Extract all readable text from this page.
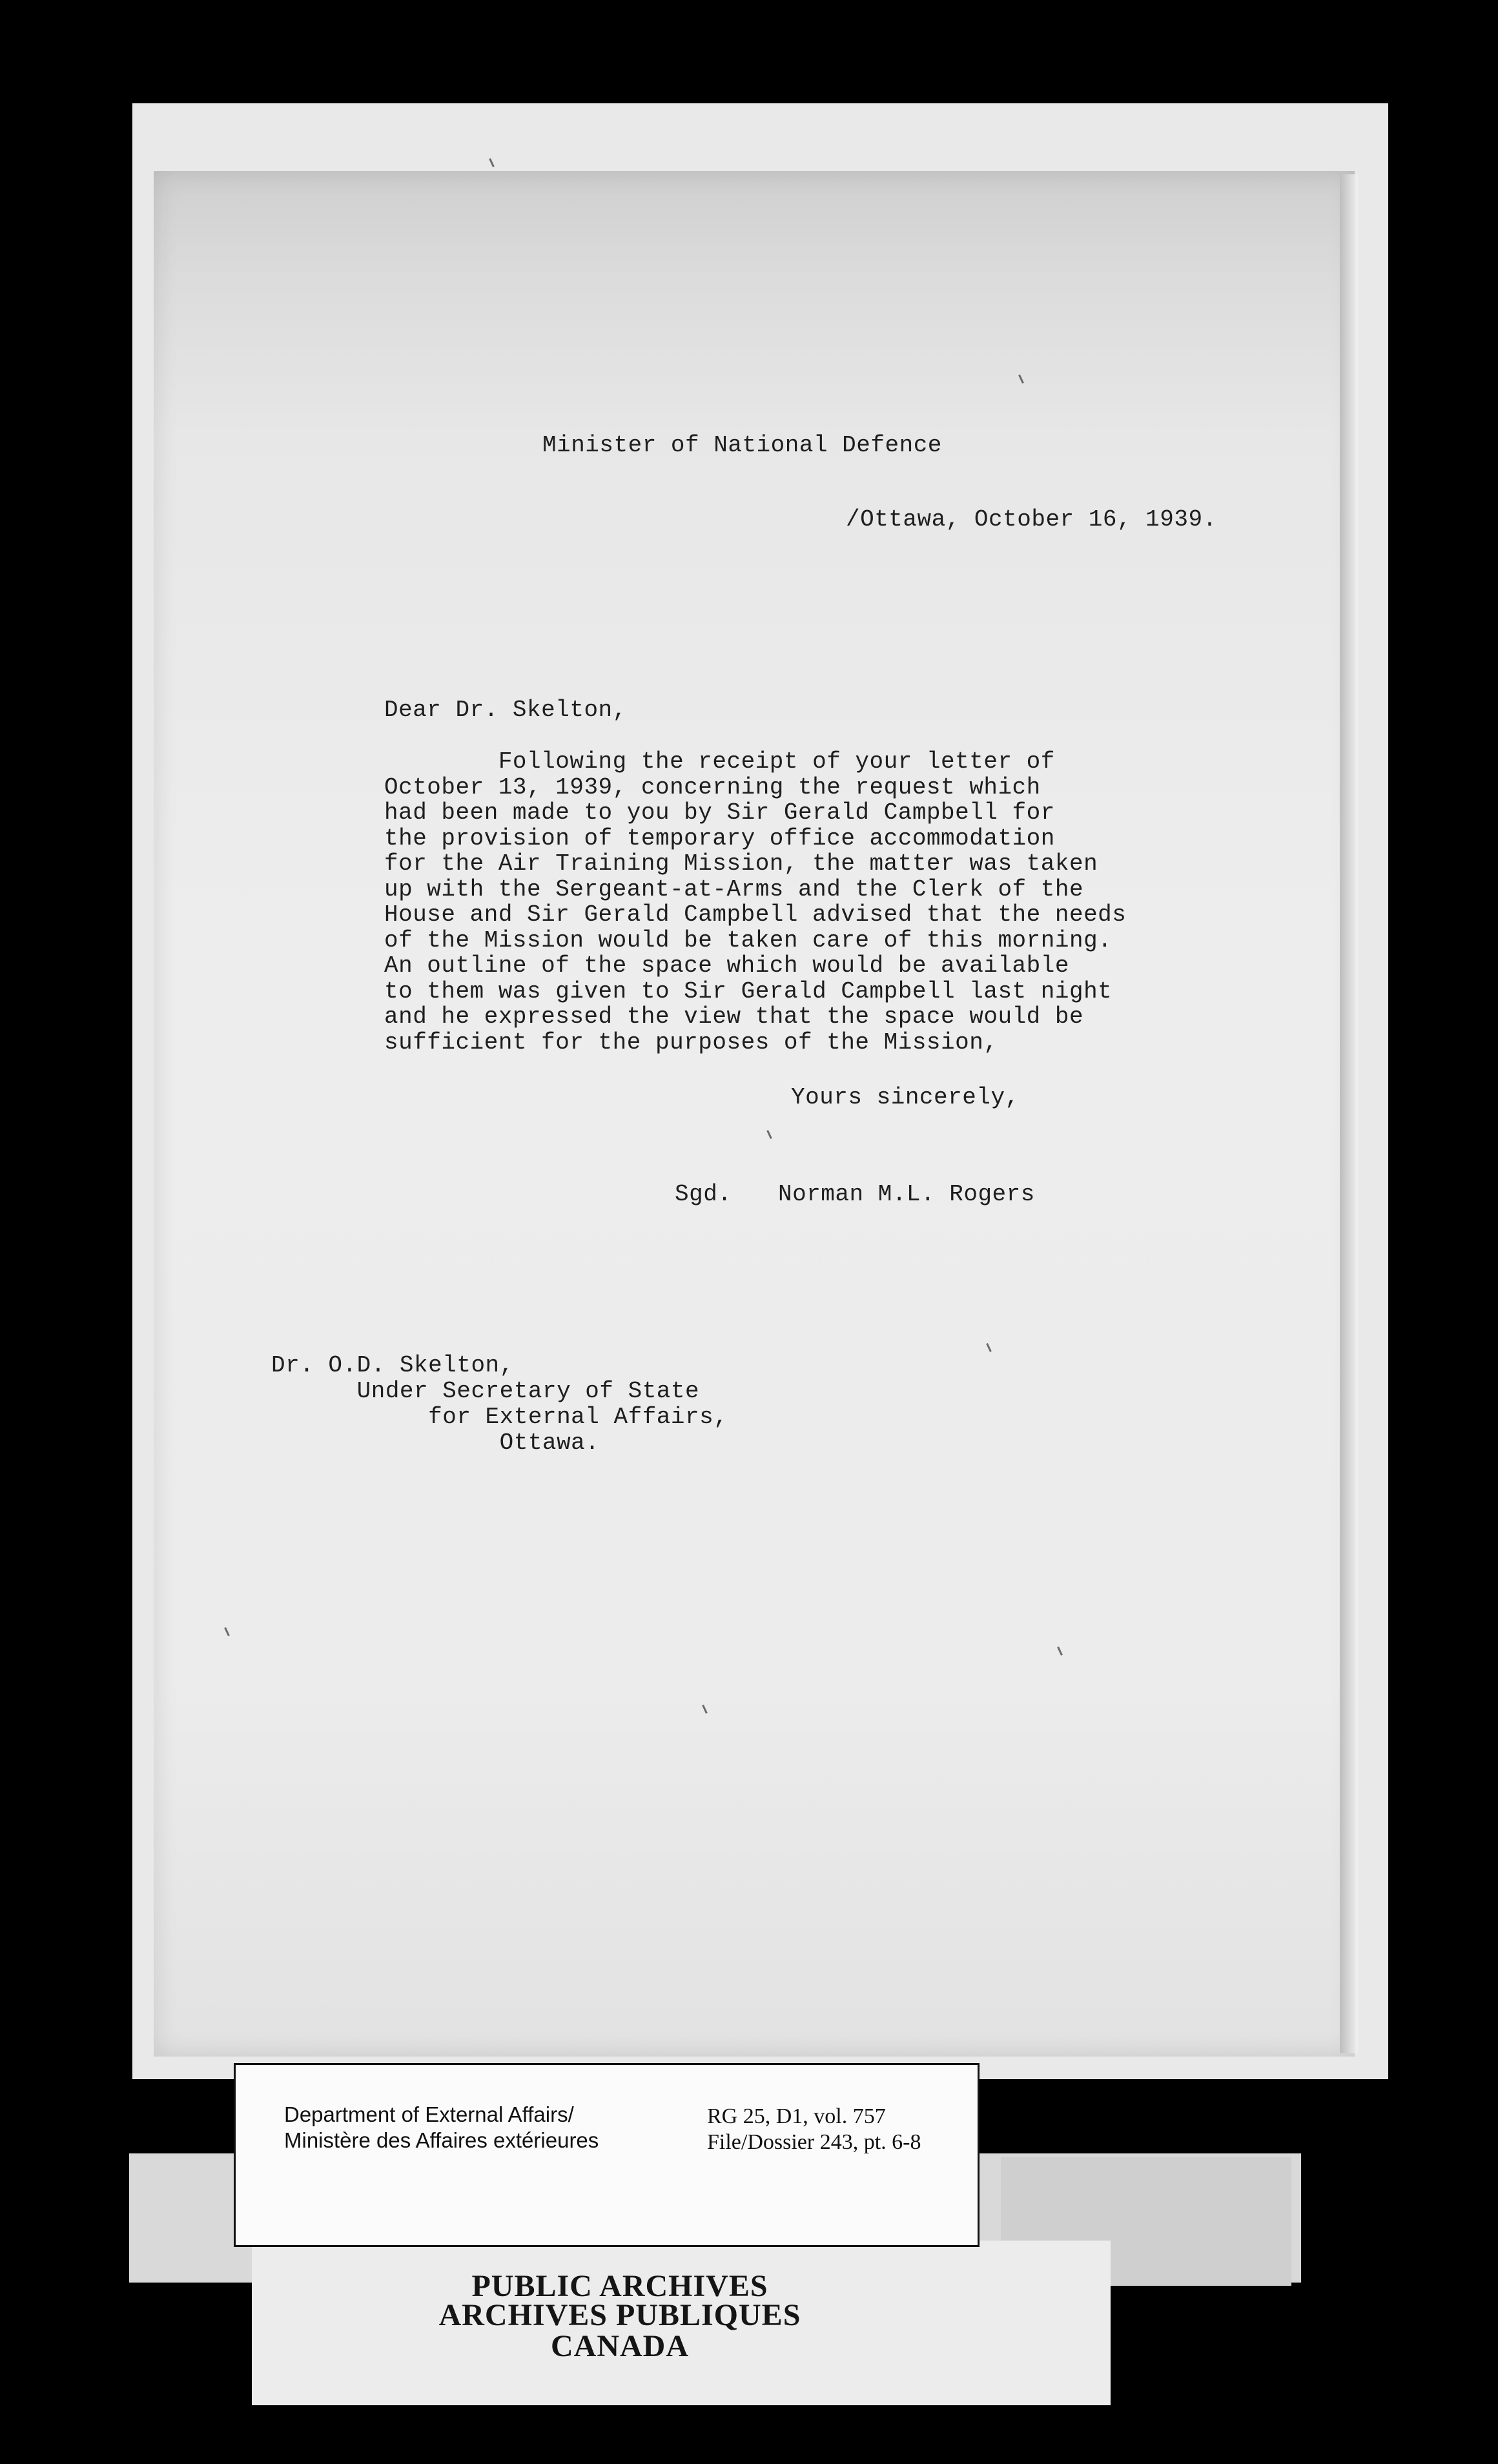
Minister of National Defence
/Ottawa, October 16, 1939.
Dear Dr. Skelton,
Following the receipt of your letter of
October 13, 1939, concerning the request which
had been made to you by Sir Gerald Campbell for
the provision of temporary office accommodation
for the Air Training Mission, the matter was taken
up with the Sergeant-at-Arms and the Clerk of the
House and Sir Gerald Campbell advised that the needs
of the Mission would be taken care of this morning.
An outline of the space which would be available
to them was given to Sir Gerald Campbell last night
and he expressed the view that the space would be
sufficient for the purposes of the Mission,
Yours sincerely,
Sgd. Norman M.L. Rogers
Dr. O.D. Skelton,
Under Secretary of State
for External Affairs,
Ottawa.
Department of External Affairs/
Ministère des Affaires extérieures
RG 25, D1, vol. 757
File/Dossier 243, pt. 6-8
PUBLIC ARCHIVES
ARCHIVES PUBLIQUES
CANADA
